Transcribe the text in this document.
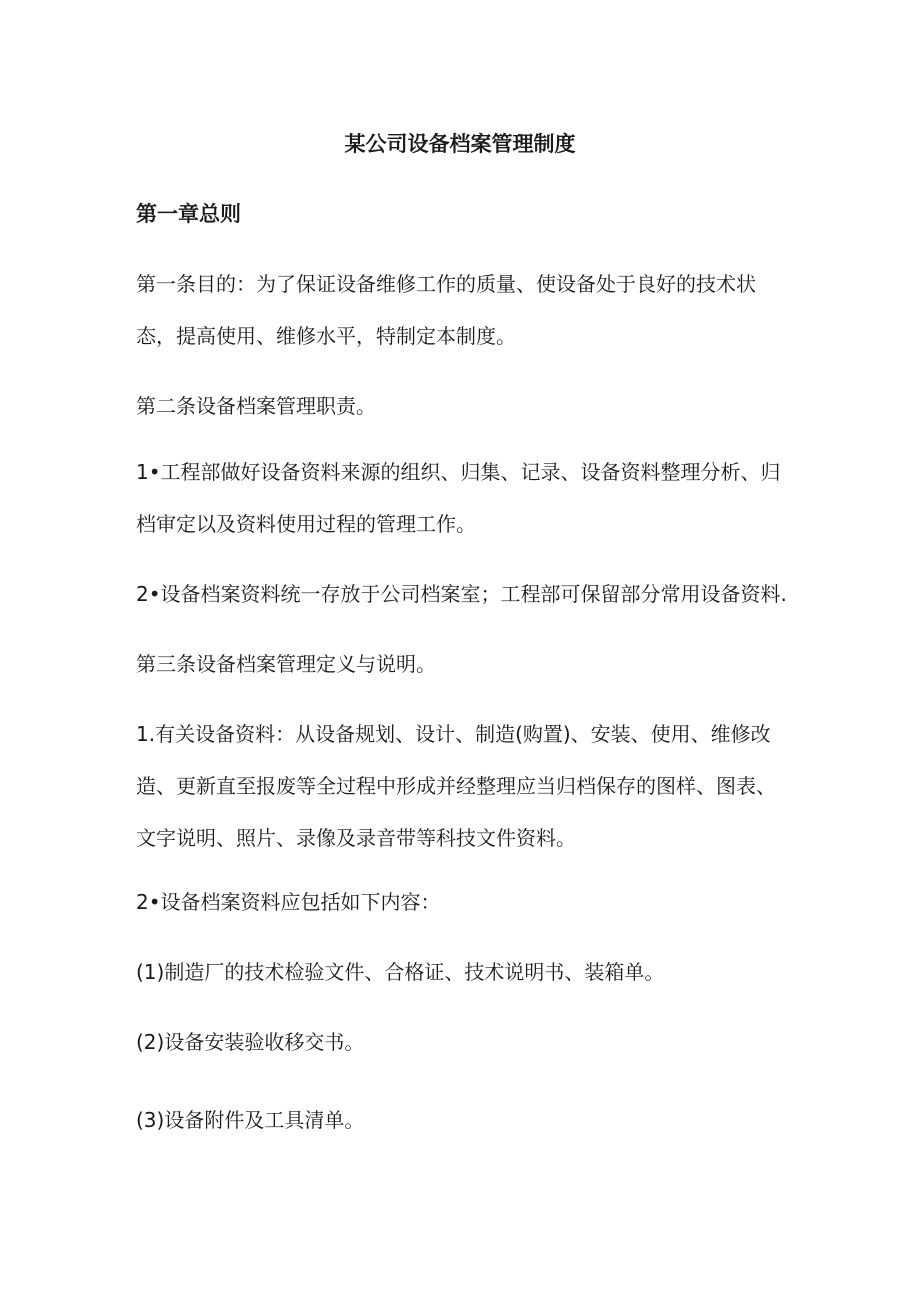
某公司设备档案管理制度
第一章总则

第一条目的：为了保证设备维修工作的质量、使设备处于良好的技术状
态，提高使用、维修水平，特制定本制度。

第二条设备档案管理职责。

1•工程部做好设备资料来源的组织、归集、记录、设备资料整理分析、归
档审定以及资料使用过程的管理工作。

2•设备档案资料统一存放于公司档案室；工程部可保留部分常用设备资料.

第三条设备档案管理定义与说明。

1.有关设备资料：从设备规划、设计、制造(购置)、安装、使用、维修改
造、更新直至报废等全过程中形成并经整理应当归档保存的图样、图表、
文字说明、照片、录像及录音带等科技文件资料。

2•设备档案资料应包括如下内容：

(1)制造厂的技术检验文件、合格证、技术说明书、装箱单。

(2)设备安装验收移交书。

(3)设备附件及工具清单。
